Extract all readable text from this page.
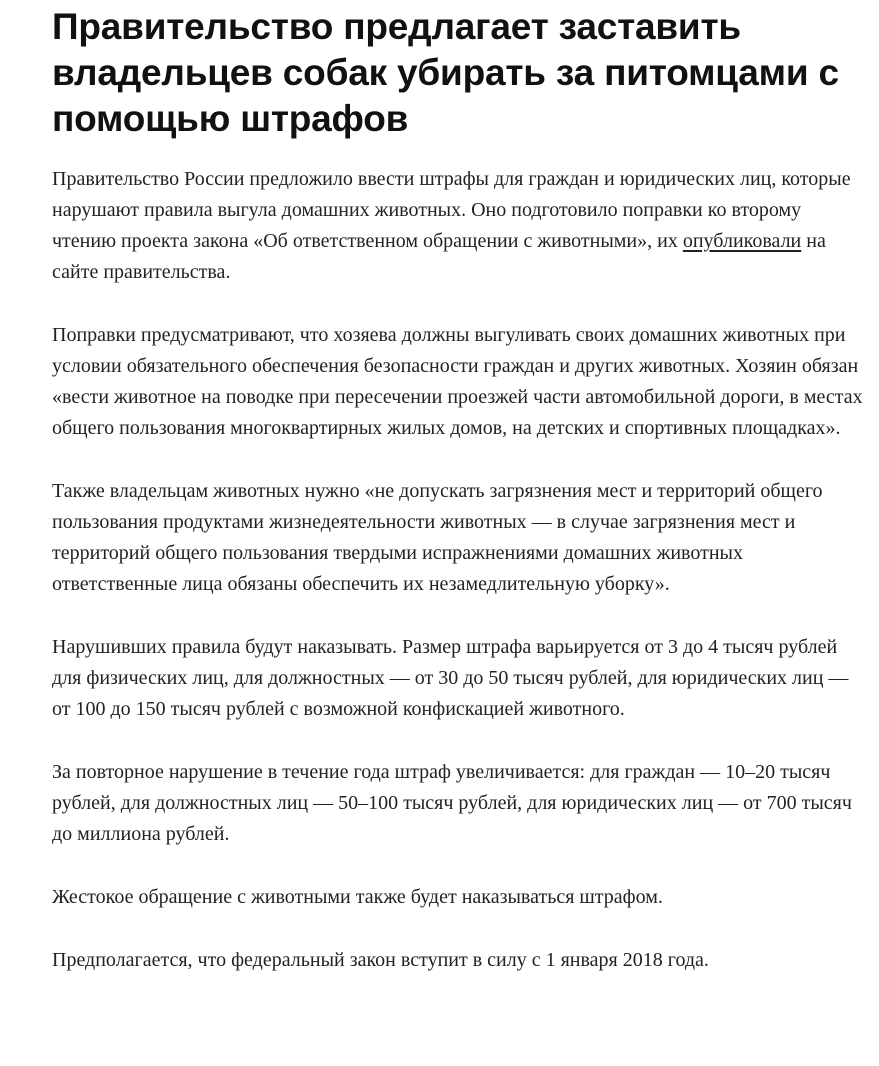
Правительство предлагает заставить владельцев собак убирать за питомцами с помощью штрафов

Правительство России предложило ввести штрафы для граждан и юридических лиц, которые нарушают правила выгула домашних животных. Оно подготовило поправки ко второму чтению проекта закона «Об ответственном обращении с животными», их опубликовали на сайте правительства.

Поправки предусматривают, что хозяева должны выгуливать своих домашних животных при условии обязательного обеспечения безопасности граждан и других животных. Хозяин обязан «вести животное на поводке при пересечении проезжей части автомобильной дороги, в местах общего пользования многоквартирных жилых домов, на детских и спортивных площадках».

Также владельцам животных нужно «не допускать загрязнения мест и территорий общего пользования продуктами жизнедеятельности животных — в случае загрязнения мест и территорий общего пользования твердыми испражнениями домашних животных ответственные лица обязаны обеспечить их незамедлительную уборку».

Нарушивших правила будут наказывать. Размер штрафа варьируется от 3 до 4 тысяч рублей для физических лиц, для должностных — от 30 до 50 тысяч рублей, для юридических лиц — от 100 до 150 тысяч рублей с возможной конфискацией животного.

За повторное нарушение в течение года штраф увеличивается: для граждан — 10–20 тысяч рублей, для должностных лиц — 50–100 тысяч рублей, для юридических лиц — от 700 тысяч до миллиона рублей.

Жестокое обращение с животными также будет наказываться штрафом.

Предполагается, что федеральный закон вступит в силу с 1 января 2018 года.
